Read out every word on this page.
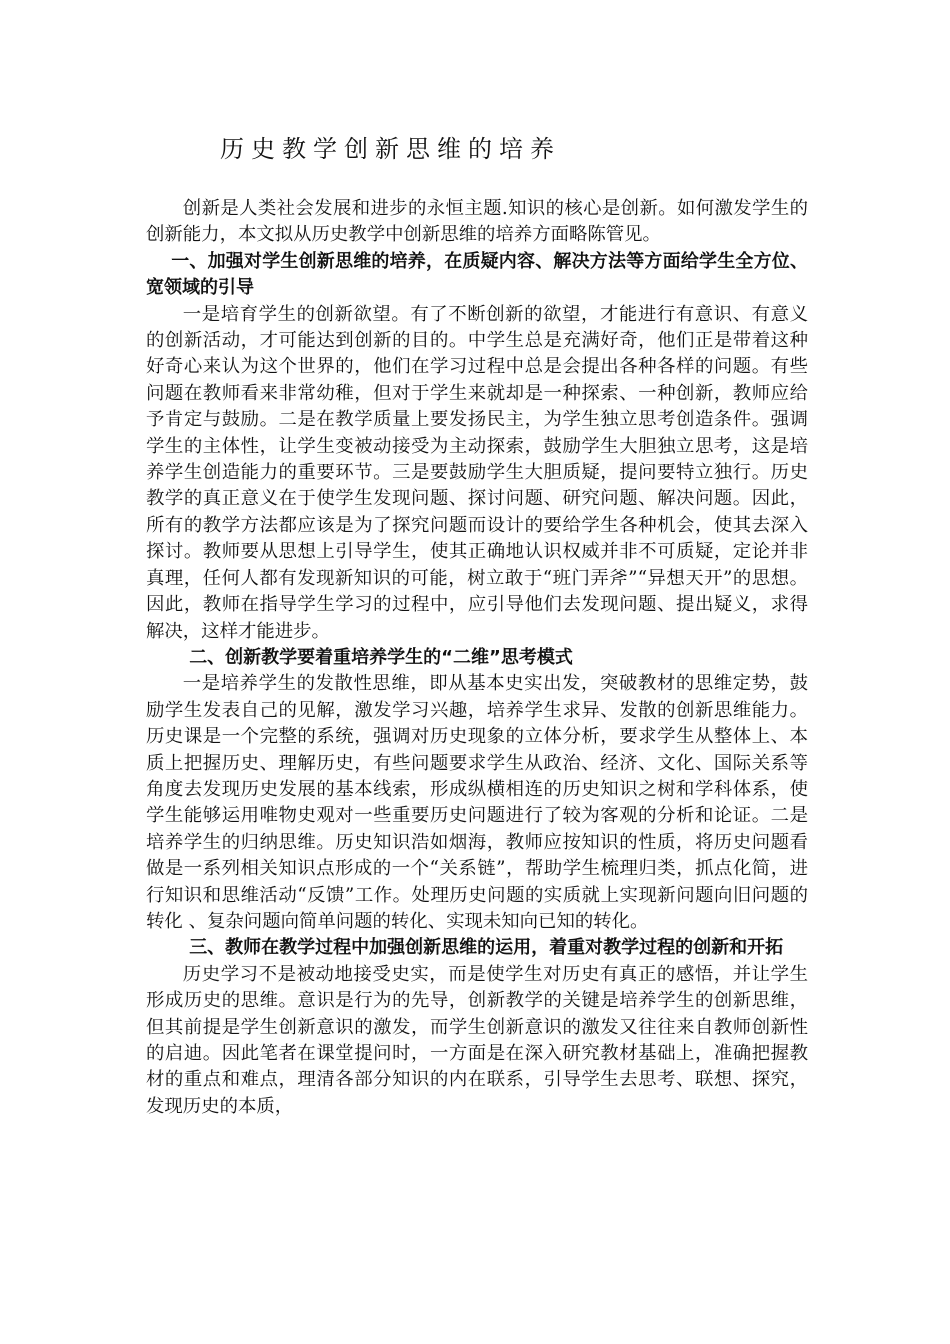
历史教学创新思维的培养

创新是人类社会发展和进步的永恒主题.知识的核心是创新。如何激发学生的创新能力，本文拟从历史教学中创新思维的培养方面略陈管见。

一、加强对学生创新思维的培养，在质疑内容、解决方法等方面给学生全方位、宽领域的引导

一是培育学生的创新欲望。有了不断创新的欲望，才能进行有意识、有意义的创新活动，才可能达到创新的目的。中学生总是充满好奇，他们正是带着这种好奇心来认为这个世界的，他们在学习过程中总是会提出各种各样的问题。有些问题在教师看来非常幼稚，但对于学生来就却是一种探索、一种创新，教师应给予肯定与鼓励。二是在教学质量上要发扬民主，为学生独立思考创造条件。强调学生的主体性，让学生变被动接受为主动探索，鼓励学生大胆独立思考，这是培养学生创造能力的重要环节。三是要鼓励学生大胆质疑，提问要特立独行。历史教学的真正意义在于使学生发现问题、探讨问题、研究问题、解决问题。因此，所有的教学方法都应该是为了探究问题而设计的要给学生各种机会，使其去深入探讨。教师要从思想上引导学生，使其正确地认识权威并非不可质疑，定论并非真理，任何人都有发现新知识的可能，树立敢于“班门弄斧”“异想天开”的思想。因此，教师在指导学生学习的过程中，应引导他们去发现问题、提出疑义，求得解决，这样才能进步。

二、创新教学要着重培养学生的“二维”思考模式

一是培养学生的发散性思维，即从基本史实出发，突破教材的思维定势，鼓励学生发表自己的见解，激发学习兴趣，培养学生求异、发散的创新思维能力。历史课是一个完整的系统，强调对历史现象的立体分析，要求学生从整体上、本质上把握历史、理解历史，有些问题要求学生从政治、经济、文化、国际关系等角度去发现历史发展的基本线索，形成纵横相连的历史知识之树和学科体系，使学生能够运用唯物史观对一些重要历史问题进行了较为客观的分析和论证。二是培养学生的归纳思维。历史知识浩如烟海，教师应按知识的性质，将历史问题看做是一系列相关知识点形成的一个“关系链”，帮助学生梳理归类，抓点化简，进行知识和思维活动“反馈”工作。处理历史问题的实质就上实现新问题向旧问题的转化 、复杂问题向简单问题的转化、实现未知向已知的转化。

三、教师在教学过程中加强创新思维的运用，着重对教学过程的创新和开拓

历史学习不是被动地接受史实，而是使学生对历史有真正的感悟，并让学生形成历史的思维。意识是行为的先导，创新教学的关键是培养学生的创新思维，但其前提是学生创新意识的激发，而学生创新意识的激发又往往来自教师创新性的启迪。因此笔者在课堂提问时，一方面是在深入研究教材基础上，准确把握教材的重点和难点，理清各部分知识的内在联系，引导学生去思考、联想、探究，发现历史的本质，
